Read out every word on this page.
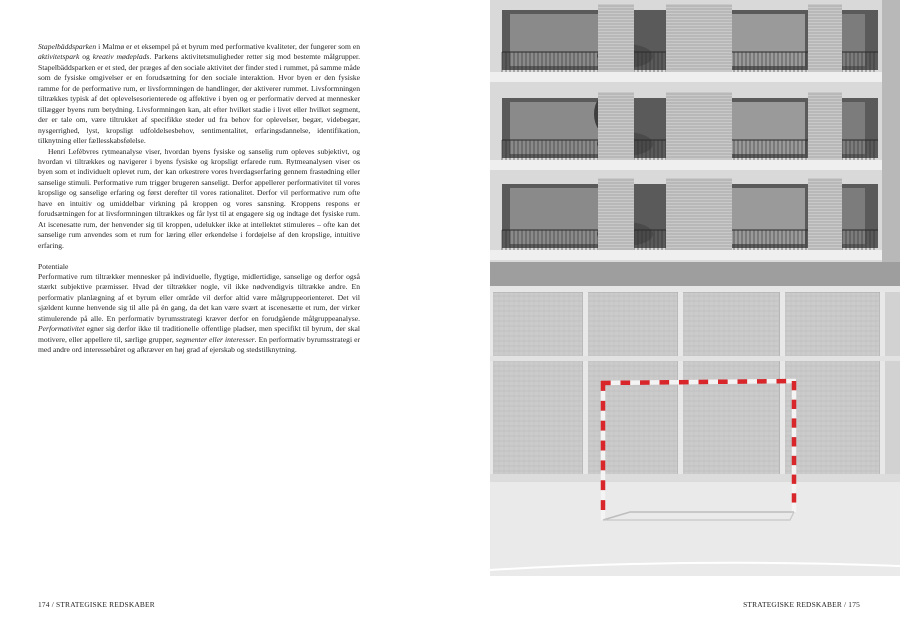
Stapelbäddsparken i Malmø er et eksempel på et byrum med performative kvaliteter, der fungerer som en aktivitetspark og kreativ mødeplads. Parkens aktivitetsmuligheder retter sig mod bestemte målgrupper. Stapelbäddsparken er et sted, der præges af den sociale aktivitet der finder sted i rummet, på samme måde som de fysiske omgivelser er en forudsætning for den sociale interaktion. Hvor byen er den fysiske ramme for de performative rum, er livsformningen de handlinger, der aktiverer rummet. Livsformningen tiltrækkes typisk af det oplevelsesorienterede og affektive i byen og er performativ derved at mennesker tillægger byens rum betydning. Livsformningen kan, alt efter hvilket stadie i livet eller hvilket segment, der er tale om, være tiltrukket af specifikke steder ud fra behov for oplevelser, begær, videbegær, nysgerrighed, lyst, kropsligt udfoldelsesbehov, sentimentalitet, erfaringsdannelse, identifikation, tilknytning eller fællesskabsfølelse.

Henri Lefèbvres rytmeanalyse viser, hvordan byens fysiske og sanselig rum opleves subjektivt, og hvordan vi tiltrækkes og navigerer i byens fysiske og kropsligt erfarede rum. Rytmeanalysen viser os byen som et individuelt oplevet rum, der kan orkestrere vores hverdagserfaring gennem frastødning eller sanselige stimuli. Performative rum trigger brugeren sanseligt. Derfor appellerer performativitet til vores kropslige og sanselige erfaring og først derefter til vores rationalitet. Derfor vil performative rum ofte have en intuitiv og umiddelbar virkning på kroppen og vores sansning. Kroppens respons er forudsætningen for at livsformningen tiltrækkes og får lyst til at engagere sig og indtage det fysiske rum. At iscenesatte rum, der henvender sig til kroppen, udelukker ikke at intellektet stimuleres – ofte kan det sanselige rum anvendes som et rum for læring eller erkendelse i fordøjelse af den kropslige, intuitive erfaring.

Potentiale

Performative rum tiltrækker mennesker på individuelle, flygtige, midlertidige, sanselige og derfor også stærkt subjektive præmisser. Hvad der tiltrækker nogle, vil ikke nødvendigvis tiltrække andre. En performativ planlægning af et byrum eller område vil derfor altid være målgruppeorienteret. Det vil sjældent kunne henvende sig til alle på én gang, da det kan være svært at iscenesætte et rum, der virker stimulerende på alle. En performativ byrumsstrategi kræver derfor en forudgående målgruppeanalyse. Performativitet egner sig derfor ikke til traditionelle offentlige pladser, men specifikt til byrum, der skal motivere, eller appellere til, særlige grupper, segmenter eller interesser. En performativ byrumsstrategi er med andre ord interessebåret og afkræver en høj grad af ejerskab og stedstilknytning.

174 / STRATEGISKE REDSKABER	STRATEGISKE REDSKABER / 175
